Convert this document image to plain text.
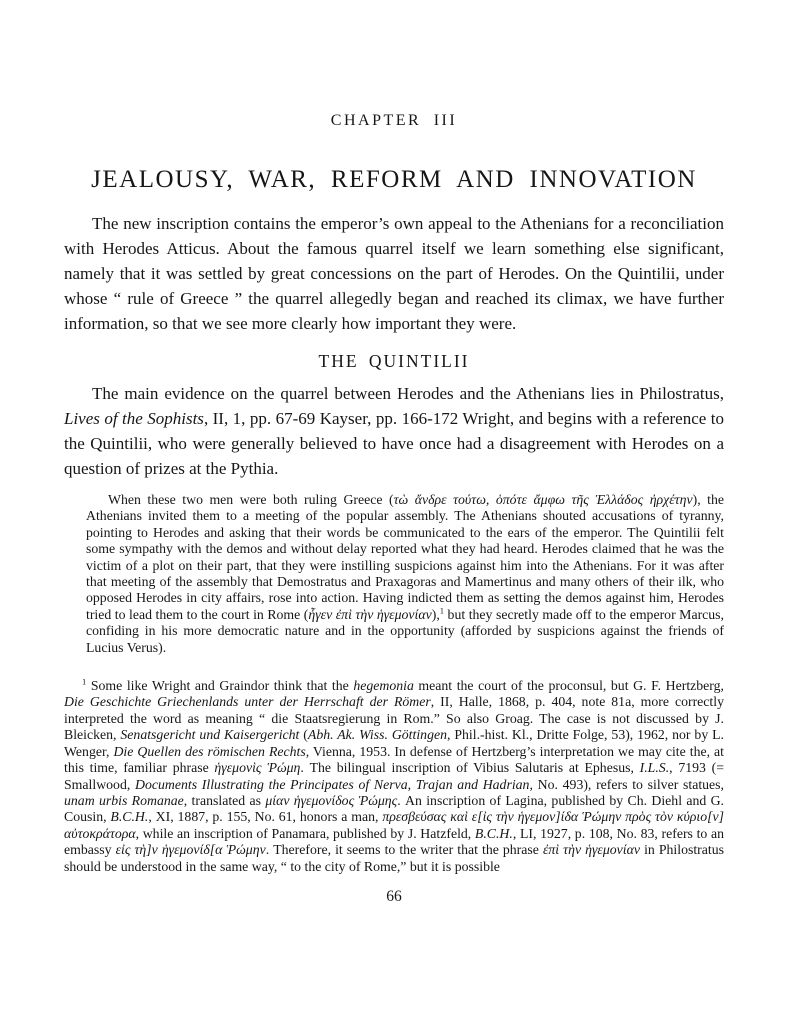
CHAPTER III
JEALOUSY, WAR, REFORM AND INNOVATION

The new inscription contains the emperor’s own appeal to the Athenians for a reconciliation with Herodes Atticus. About the famous quarrel itself we learn something else significant, namely that it was settled by great concessions on the part of Herodes. On the Quintilii, under whose “ rule of Greece ” the quarrel allegedly began and reached its climax, we have further information, so that we see more clearly how important they were.

THE QUINTILII

The main evidence on the quarrel between Herodes and the Athenians lies in Philostratus, Lives of the Sophists, II, 1, pp. 67-69 Kayser, pp. 166-172 Wright, and begins with a reference to the Quintilii, who were generally believed to have once had a disagreement with Herodes on a question of prizes at the Pythia.

When these two men were both ruling Greece (τὼ ἄνδρε τούτω, ὁπότε ἄμφω τῆς Ἑλλάδος ἠρχέτην), the Athenians invited them to a meeting of the popular assembly. The Athenians shouted accusations of tyranny, pointing to Herodes and asking that their words be communicated to the ears of the emperor. The Quintilii felt some sympathy with the demos and without delay reported what they had heard. Herodes claimed that he was the victim of a plot on their part, that they were instilling suspicions against him into the Athenians. For it was after that meeting of the assembly that Demostratus and Praxagoras and Mamertinus and many others of their ilk, who opposed Herodes in city affairs, rose into action. Having indicted them as setting the demos against him, Herodes tried to lead them to the court in Rome (ἦγεν ἐπὶ τὴν ἡγεμονίαν),$^1$ but they secretly made off to the emperor Marcus, confiding in his more democratic nature and in the opportunity (afforded by suspicions against the friends of Lucius Verus).
$^1$ Some like Wright and Graindor think that the hegemonia meant the court of the proconsul, but G. F. Hertzberg, Die Geschichte Griechenlands unter der Herrschaft der Römer, II, Halle, 1868, p. 404, note 81a, more correctly interpreted the word as meaning “ die Staatsregierung in Rom.” So also Groag. The case is not discussed by J. Bleicken, Senatsgericht und Kaisergericht (Abh. Ak. Wiss. Göttingen, Phil.-hist. Kl., Dritte Folge, 53), 1962, nor by L. Wenger, Die Quellen des römischen Rechts, Vienna, 1953. In defense of Hertzberg’s interpretation we may cite the, at this time, familiar phrase ἡγεμονὶς Ῥώμη. The bilingual inscription of Vibius Salutaris at Ephesus, I.L.S., 7193 (= Smallwood, Documents Illustrating the Principates of Nerva, Trajan and Hadrian, No. 493), refers to silver statues, unam urbis Romanae, translated as μίαν ἡγεμονίδος Ῥώμης. An inscription of Lagina, published by Ch. Diehl and G. Cousin, B.C.H., XI, 1887, p. 155, No. 61, honors a man, πρεσβεύσας καὶ ε[ἰς τὴν ἡγεμον]ίδα Ῥώμην πρὸς τὸν κύριο[ν] αὐτοκράτορα, while an inscription of Panamara, published by J. Hatzfeld, B.C.H., LI, 1927, p. 108, No. 83, refers to an embassy εἰς τὴ]ν ἡγεμονίδ[α Ῥώμην. Therefore, it seems to the writer that the phrase ἐπὶ τὴν ἡγεμονίαν in Philostratus should be understood in the same way, “ to the city of Rome,” but it is possible
66
